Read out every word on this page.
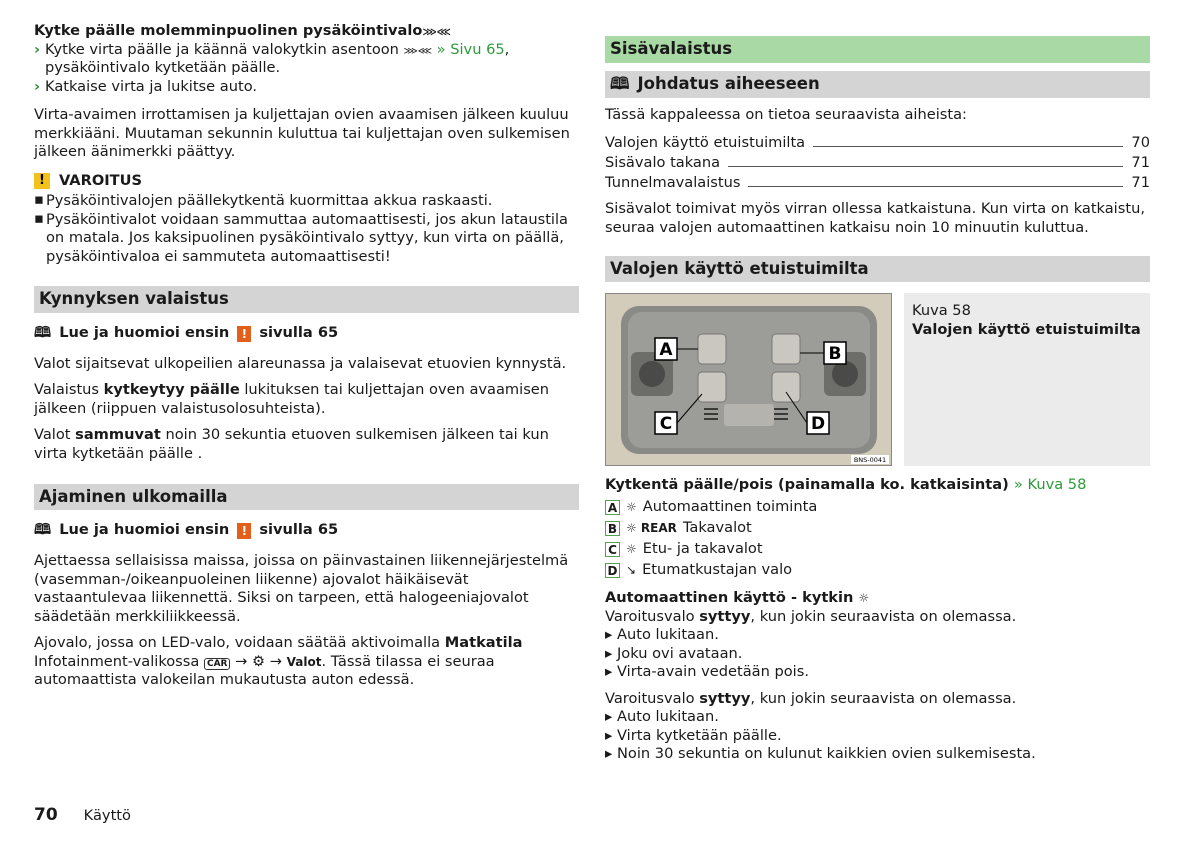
Kytke päälle molemminpuolinen pysäköintivalo⋙⋘

› Kytke virta päälle ja käännä valokytkin asentoon ⋙⋘ » Sivu 65, pysäköintivalo kytketään päälle.

› Katkaise virta ja lukitse auto.

Virta-avaimen irrottamisen ja kuljettajan ovien avaamisen jälkeen kuuluu merkkiääni. Muutaman sekunnin kuluttua tai kuljettajan oven sulkemisen jälkeen äänimerkki päättyy.

! VAROITUS

▪ Pysäköintivalojen päällekytkentä kuormittaa akkua raskaasti.

▪ Pysäköintivalot voidaan sammuttaa automaattisesti, jos akun lataustila on matala. Jos kaksipuolinen pysäköintivalo syttyy, kun virta on päällä, pysäköintivaloa ei sammuteta automaattisesti!

Kynnyksen valaistus
🕮 Lue ja huomioi ensin	! sivulla 65

Valot sijaitsevat ulkopeilien alareunassa ja valaisevat etuovien kynnystä.

Valaistus kytkeytyy päälle lukituksen tai kuljettajan oven avaamisen jälkeen (riippuen valaistusolosuhteista).

Valot sammuvat noin 30 sekuntia etuoven sulkemisen jälkeen tai kun virta kytketään päälle .

Ajaminen ulkomailla
🕮 Lue ja huomioi ensin	! sivulla 65

Ajettaessa sellaisissa maissa, joissa on päinvastainen liikennejärjestelmä (vasemman-/oikeanpuoleinen liikenne) ajovalot häikäisevät vastaantulevaa liikennettä. Siksi on tarpeen, että halogeeniajovalot säädetään merkkiliikkeessä.

Ajovalo, jossa on LED-valo, voidaan säätää aktivoimalla Matkatila Infotainment-valikossa CAR → ⚙ → Valot. Tässä tilassa ei seuraa automaattista valokeilan mukautusta auton edessä.

Sisävalaistus
🕮 Johdatus aiheeseen

Tässä kappaleessa on tietoa seuraavista aiheista:

Valojen käyttö etuistuimilta	70
Sisävalo takana	71
Tunnelmavalaistus	71

Sisävalot toimivat myös virran ollessa katkaistuna. Kun virta on katkaistu, seuraa valojen automaattinen katkaisu noin 10 minuutin kuluttua.

Valojen käyttö etuistuimilta
A	B
C	D
BNS-0041

Kuva 58

Valojen käyttö etuistuimilta

Kytkentä päälle/pois (painamalla ko. katkaisinta) » Kuva 58

A ☼ Automaattinen toiminta
B ☼ REAR Takavalot
C ☼ Etu- ja takavalot
D ↘ Etumatkustajan valo

Automaattinen käyttö - kytkin ☼

Varoitusvalo syttyy, kun jokin seuraavista on olemassa.

▸ Auto lukitaan.

▸ Joku ovi avataan.

▸ Virta-avain vedetään pois.

Varoitusvalo syttyy, kun jokin seuraavista on olemassa.

▸ Auto lukitaan.

▸ Virta kytketään päälle.

▸ Noin 30 sekuntia on kulunut kaikkien ovien sulkemisesta.

70 Käyttö
